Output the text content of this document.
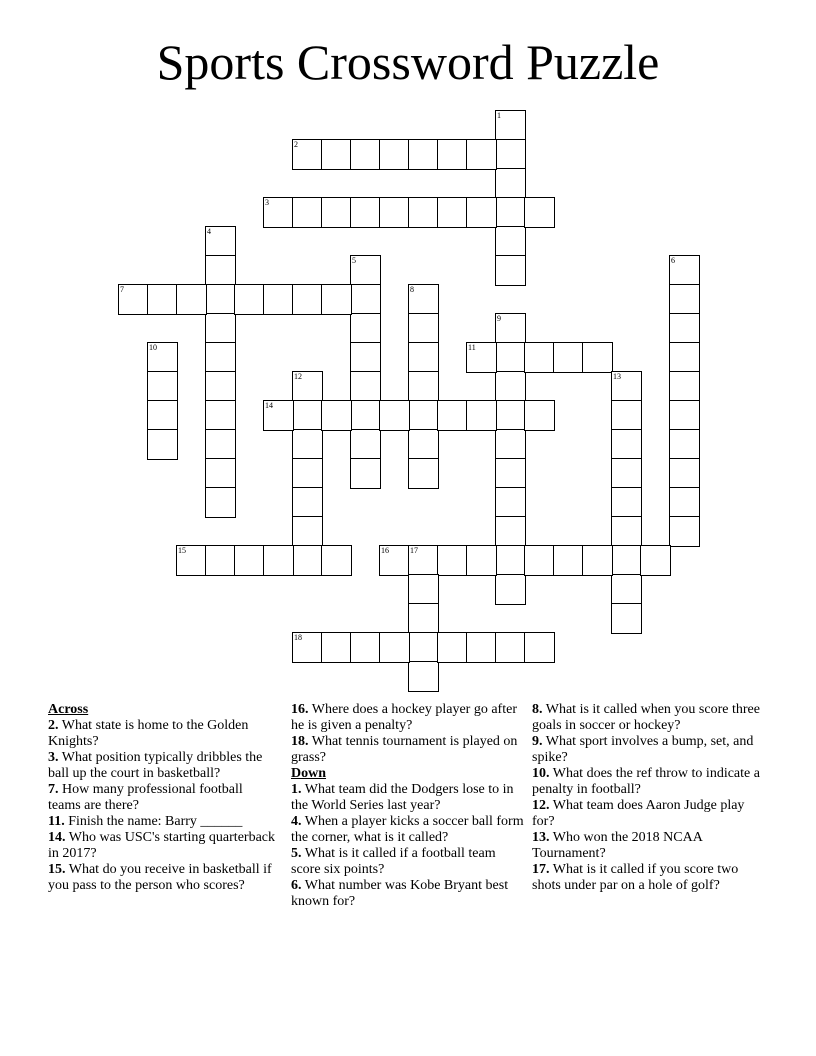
Sports Crossword Puzzle
1
2
3
4
5	6
7	8
9
10	11
12	13
14
15	16	17
18
Across
2. What state is home to the Golden Knights?
3. What position typically dribbles the ball up the court in basketball?
7. How many professional football teams are there?
11. Finish the name: Barry ______
14. Who was USC's starting quarterback in 2017?
15. What do you receive in basketball if you pass to the person who scores?
16. Where does a hockey player go after he is given a penalty?
18. What tennis tournament is played on grass?
Down
1. What team did the Dodgers lose to in the World Series last year?
4. When a player kicks a soccer ball form the corner, what is it called?
5. What is it called if a football team score six points?
6. What number was Kobe Bryant best known for?
8. What is it called when you score three goals in soccer or hockey?
9. What sport involves a bump, set, and spike?
10. What does the ref throw to indicate a penalty in football?
12. What team does Aaron Judge play for?
13. Who won the 2018 NCAA Tournament?
17. What is it called if you score two shots under par on a hole of golf?
